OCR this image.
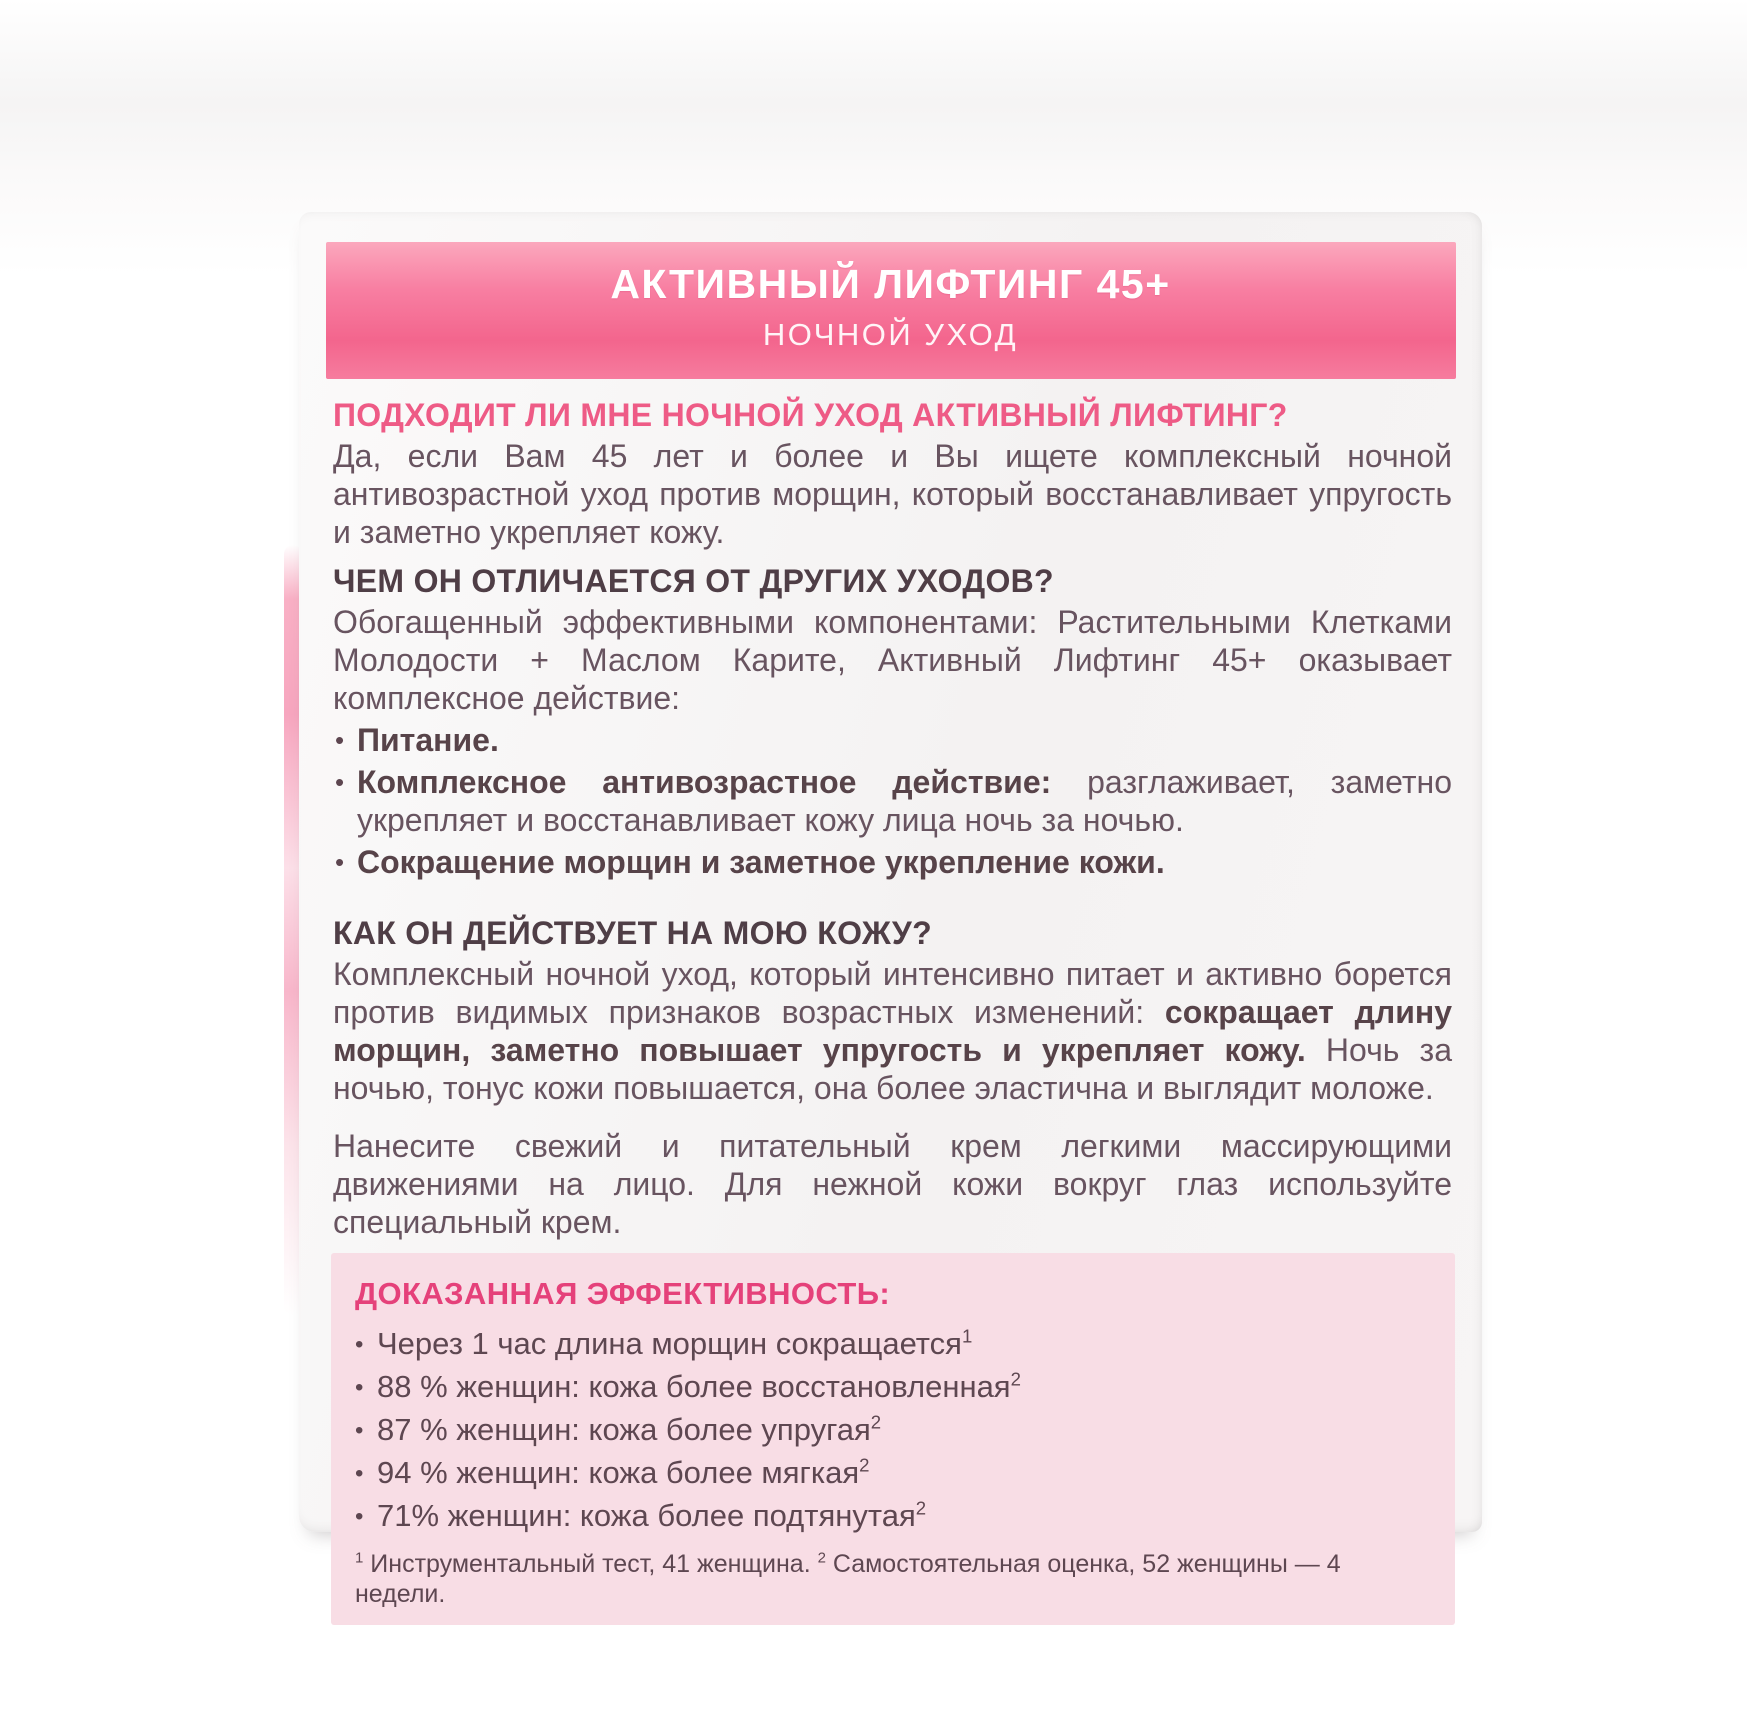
АКТИВНЫЙ ЛИФТИНГ 45+
НОЧНОЙ УХОД
ПОДХОДИТ ЛИ МНЕ НОЧНОЙ УХОД АКТИВНЫЙ ЛИФТИНГ?

Да, если Вам 45 лет и более и Вы ищете комплексный ночной антивозрастной уход против морщин, который восстанавливает упругость и заметно укрепляет кожу.

ЧЕМ ОН ОТЛИЧАЕТСЯ ОТ ДРУГИХ УХОДОВ?

Обогащенный эффективными компонентами: Растительными Клетками Молодости + Маслом Карите, Активный Лифтинг 45+ оказывает комплексное действие:

• Питание.
• Комплексное антивозрастное действие: разглаживает, заметно укрепляет и восстанавливает кожу лица ночь за ночью.
• Сокращение морщин и заметное укрепление кожи.
КАК ОН ДЕЙСТВУЕТ НА МОЮ КОЖУ?

Комплексный ночной уход, который интенсивно питает и активно борется против видимых признаков возрастных изменений: сокращает длину морщин, заметно повышает упругость и укрепляет кожу. Ночь за ночью, тонус кожи повышается, она более эластична и выглядит моложе.

Нанесите свежий и питательный крем легкими массирующими движениями на лицо. Для нежной кожи вокруг глаз используйте специальный крем.

ДОКАЗАННАЯ ЭФФЕКТИВНОСТЬ:
• Через 1 час длина морщин сокращается$^1$
• 88 % женщин: кожа более восстановленная$^2$
• 87 % женщин: кожа более упругая$^2$
• 94 % женщин: кожа более мягкая$^2$
• 71% женщин: кожа более подтянутая$^2$

$^1$ Инструментальный тест, 41 женщина. $^2$ Самостоятельная оценка, 52 женщины — 4 недели.
